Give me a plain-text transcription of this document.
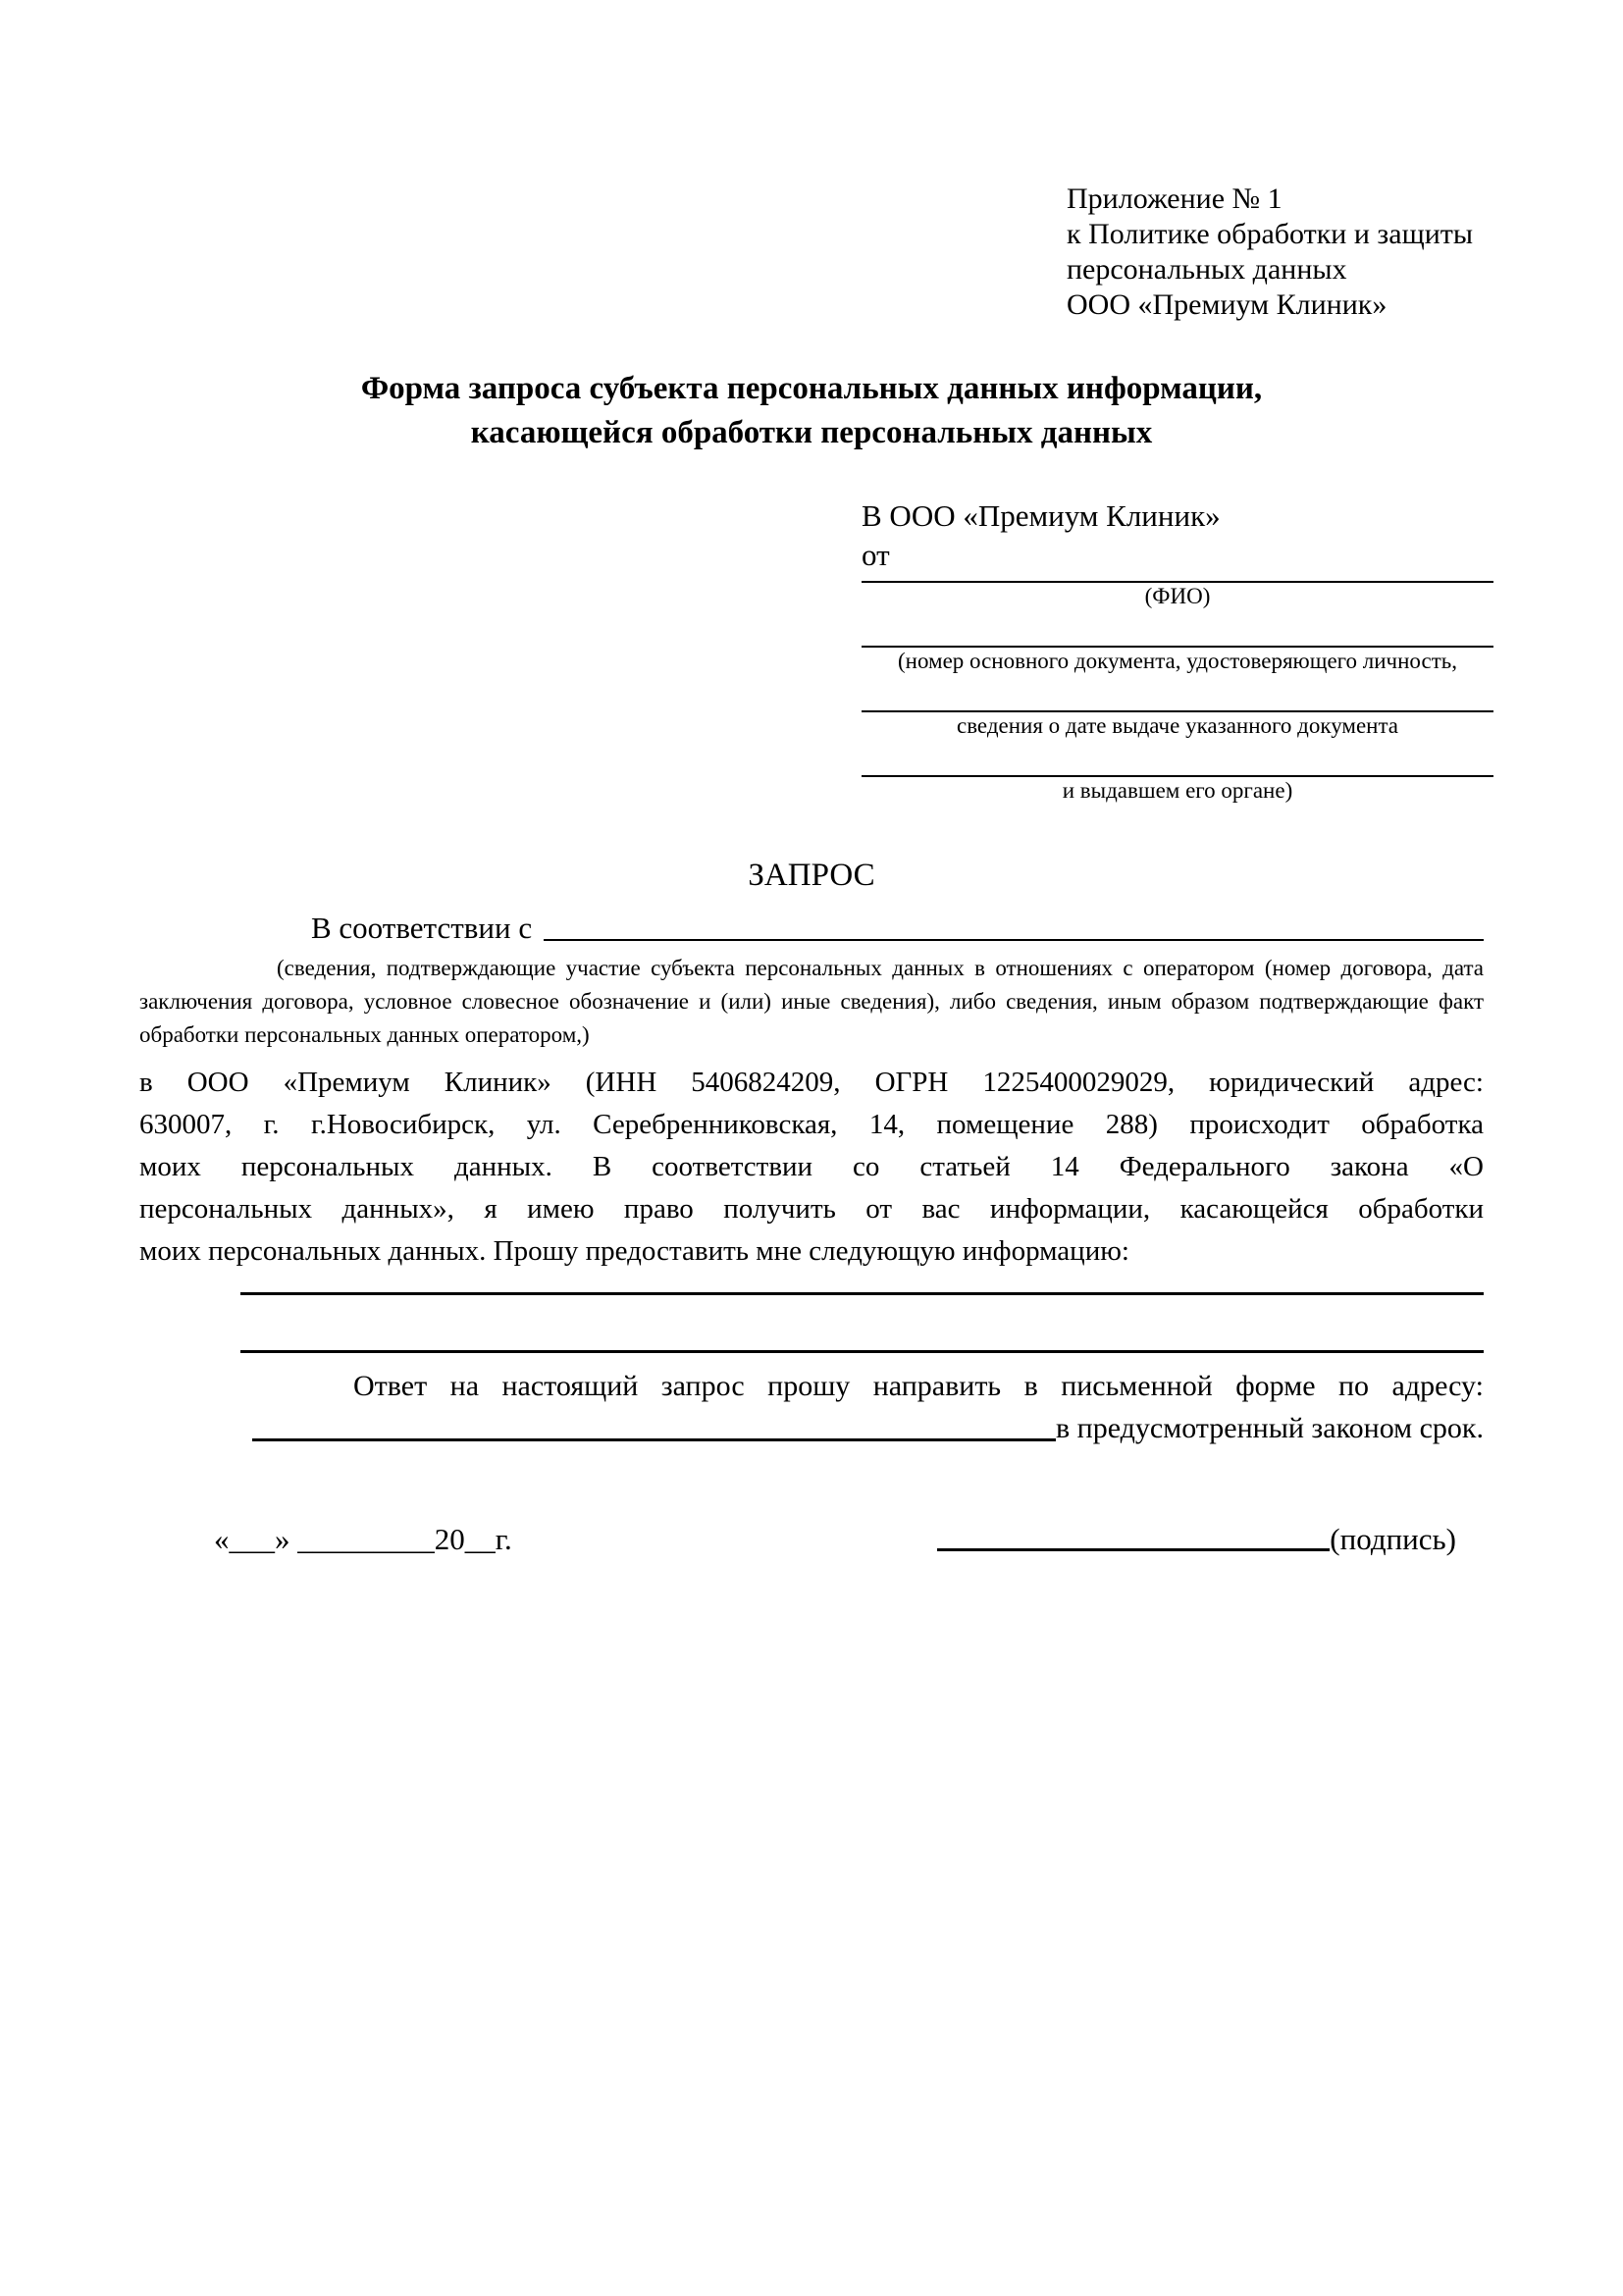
Приложение № 1
к Политике обработки и защиты
персональных данных
ООО «Премиум Клиник»
Форма запроса субъекта персональных данных информации,
касающейся обработки персональных данных
В ООО «Премиум Клиник»
от
(ФИО)
(номер основного документа, удостоверяющего личность,
сведения о дате выдаче указанного документа
и выдавшем его органе)
ЗАПРОС
В соответствии с
(сведения, подтверждающие участие субъекта персональных данных в отношениях с оператором (номер договора, дата
заключения договора, условное словесное обозначение и (или) иные сведения), либо сведения, иным образом подтверждающие факт
обработки персональных данных оператором,)
в ООО «Премиум Клиник» (ИНН 5406824209, ОГРН 1225400029029, юридический адрес:
630007, г. г.Новосибирск, ул. Серебренниковская, 14, помещение 288) происходит обработка
моих персональных данных. В соответствии со статьей 14 Федерального закона «О
персональных данных», я имею право получить от вас информации, касающейся обработки
моих персональных данных. Прошу предоставить мне следующую информацию:
Ответ на настоящий запрос прошу направить в письменной форме по адресу:
в предусмотренный законом срок.
«___» _________20__г.	(подпись)
